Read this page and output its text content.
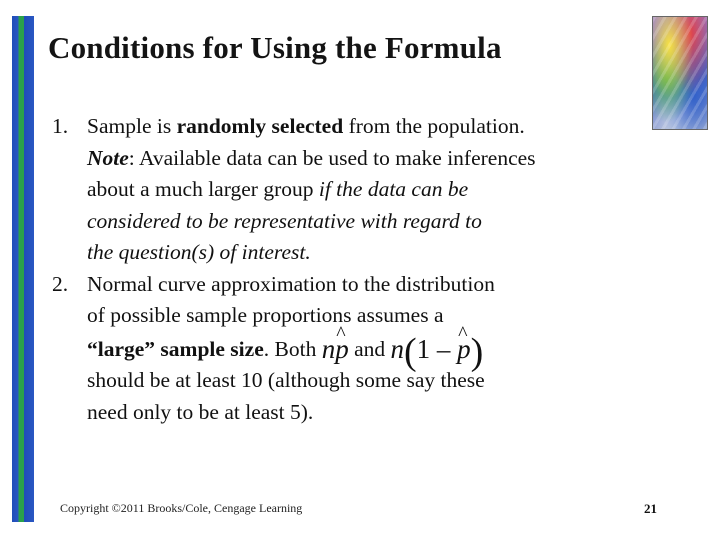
Conditions for Using the Formula
1. Sample is randomly selected from the population.
Note: Available data can be used to make inferences
about a much larger group if the data can be
considered to be representative with regard to
the question(s) of interest.
2. Normal curve approximation to the distribution
of possible sample proportions assumes a
“large” sample size. Both n^ p and n(1 – ^ p)
should be at least 10 (although some say these
need only to be at least 5).
Copyright ©2011 Brooks/Cole, Cengage Learning	21
